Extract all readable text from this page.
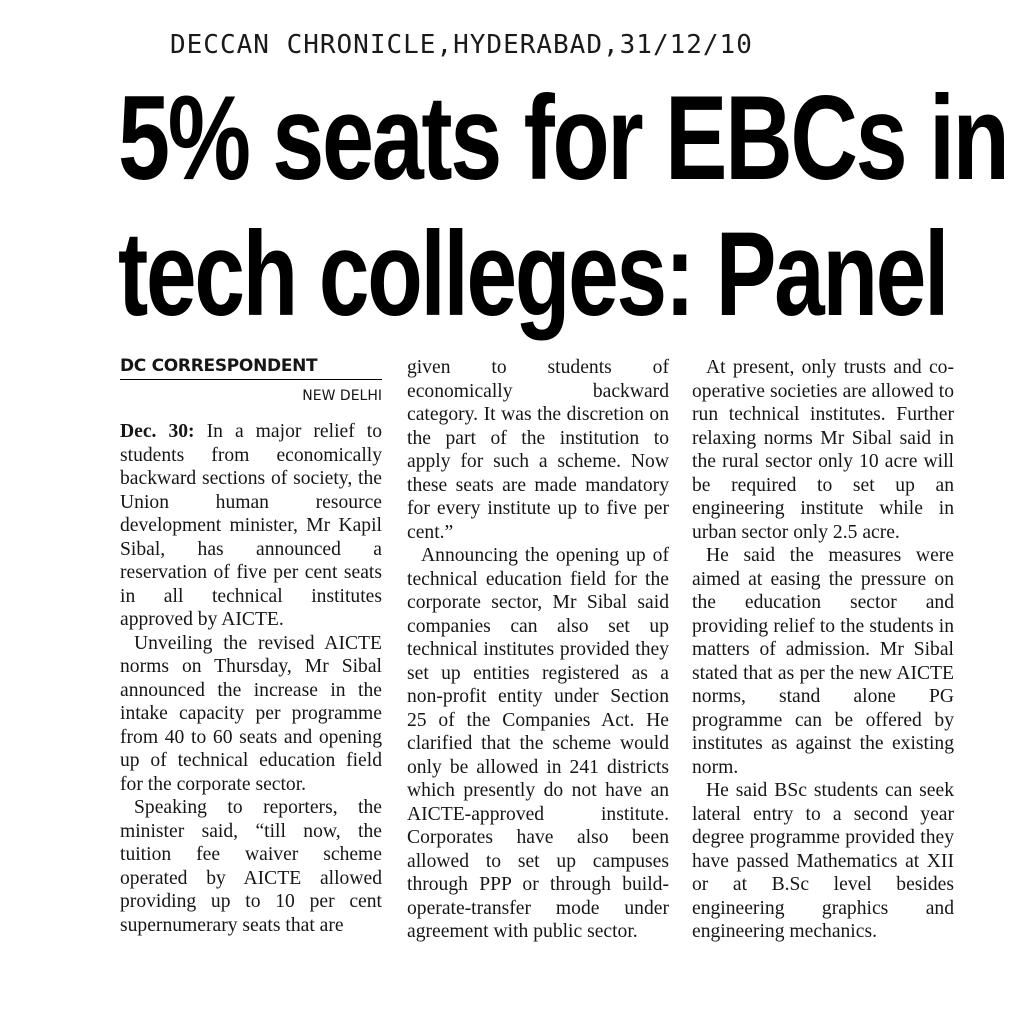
DECCAN CHRONICLE,HYDERABAD,31/12/10
5% seats for EBCs in
tech colleges: Panel
DC CORRESPONDENT
NEW DELHI

Dec. 30: In a major relief to students from economically backward sections of society, the Union human resource development minister, Mr Kapil Sibal, has announced a reservation of five per cent seats in all technical institutes approved by AICTE.

Unveiling the revised AICTE norms on Thursday, Mr Sibal announced the increase in the intake capacity per programme from 40 to 60 seats and opening up of technical education field for the corporate sector.

Speaking to reporters, the minister said, “till now, the tuition fee waiver scheme operated by AICTE allowed providing up to 10 per cent supernumerary seats that are

given to students of economically backward category. It was the discretion on the part of the institution to apply for such a scheme. Now these seats are made mandatory for every institute up to five per cent.”

Announcing the opening up of technical education field for the corporate sector, Mr Sibal said companies can also set up technical institutes provided they set up entities registered as a non-profit entity under Section 25 of the Companies Act. He clarified that the scheme would only be allowed in 241 districts which presently do not have an AICTE-approved institute. Corporates have also been allowed to set up campuses through PPP or through build-operate-transfer mode under agreement with public sector.

At present, only trusts and co-operative societies are allowed to run technical institutes. Further relaxing norms Mr Sibal said in the rural sector only 10 acre will be required to set up an engineering institute while in urban sector only 2.5 acre.

He said the measures were aimed at easing the pressure on the education sector and providing relief to the students in matters of admission. Mr Sibal stated that as per the new AICTE norms, stand alone PG programme can be offered by institutes as against the existing norm.

He said BSc students can seek lateral entry to a second year degree programme provided they have passed Mathematics at XII or at B.Sc level besides engineering graphics and engineering mechanics.
